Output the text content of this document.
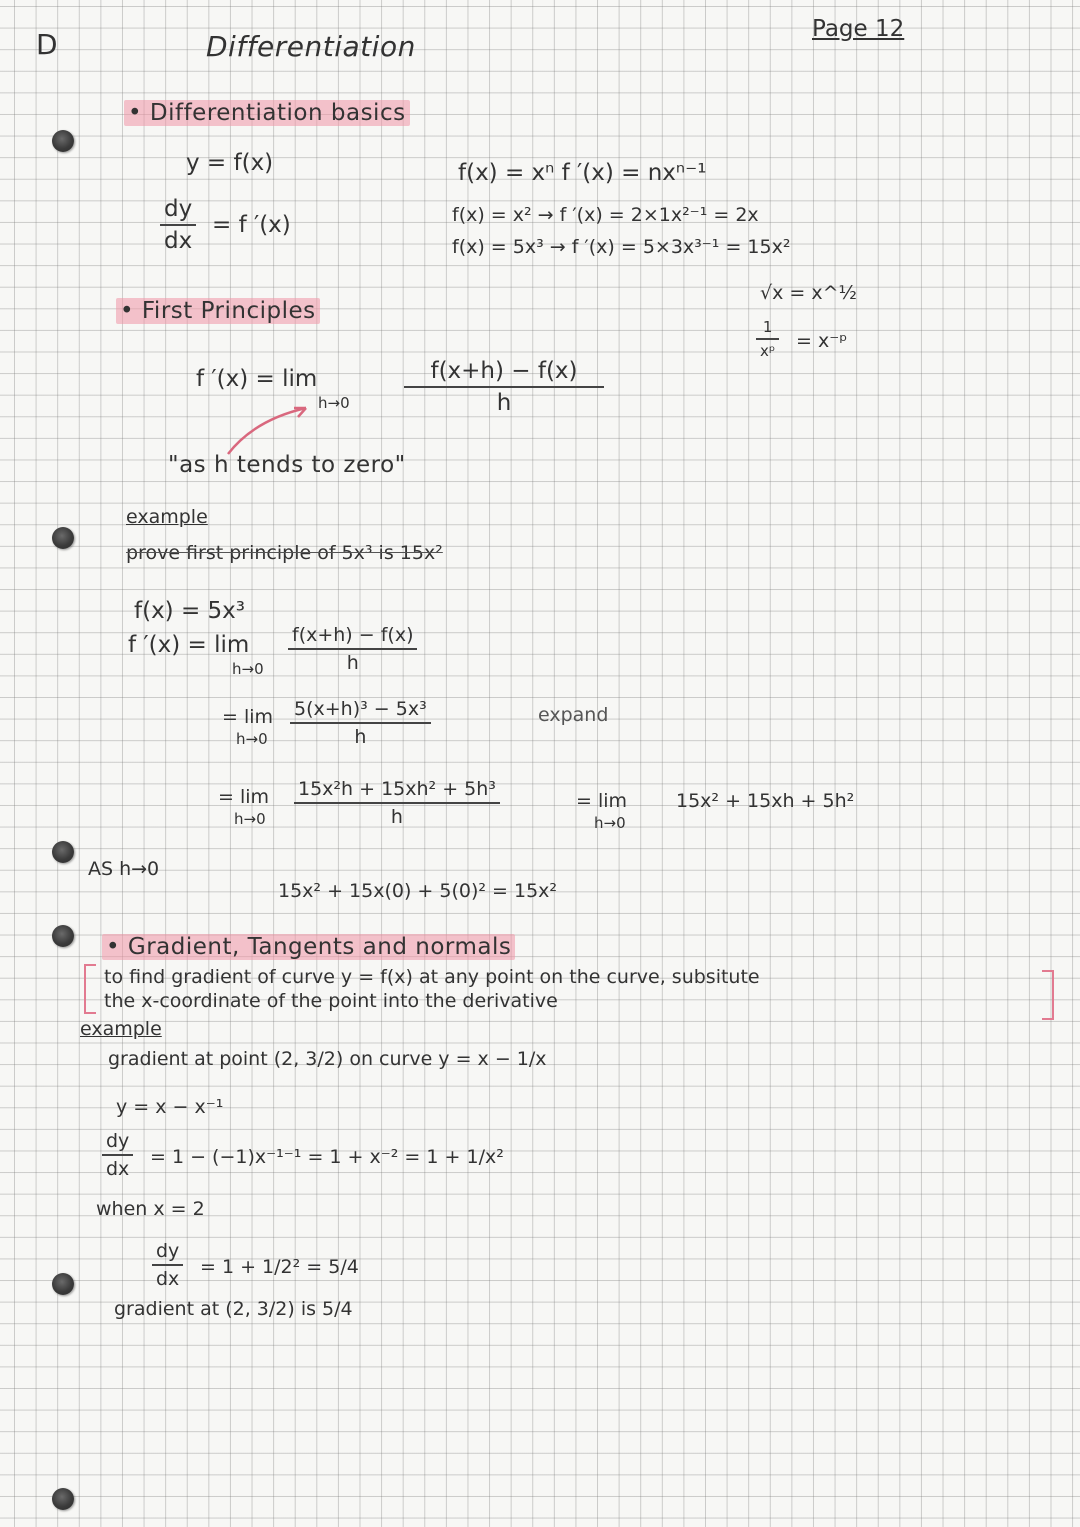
D	Page 12
Differentiation
• Differentiation basics
y = f(x)
dy
dx
= f ′(x)
f(x) = xⁿ f ′(x) = nxⁿ⁻¹
f(x) = x² → f ′(x) = 2×1x²⁻¹ = 2x
f(x) = 5x³ → f ′(x) = 5×3x³⁻¹ = 15x²
√x = x^½
1
xᵖ = x⁻ᵖ
• First Principles
f ′(x) = lim
h→0
f(x+h) − f(x)
h
"as h tends to zero"
example
prove first principle of 5x³ is 15x²
f(x) = 5x³
f ′(x) = lim
h→0
f(x+h) − f(x)
h
= lim
h→0
5(x+h)³ − 5x³
h
expand
= lim
h→0
15x²h + 15xh² + 5h³
h
= lim
h→0
15x² + 15xh + 5h²
AS h→0
15x² + 15x(0) + 5(0)² = 15x²
• Gradient, Tangents and normals
to find gradient of curve y = f(x) at any point on the curve, subsitute
the x-coordinate of the point into the derivative
example
gradient at point (2, 3/2) on curve y = x − 1/x
y = x − x⁻¹
dy
dx
= 1 − (−1)x⁻¹⁻¹ = 1 + x⁻² = 1 + 1/x²
when x = 2
dy
dx
= 1 + 1/2² = 5/4
gradient at (2, 3/2) is 5/4
